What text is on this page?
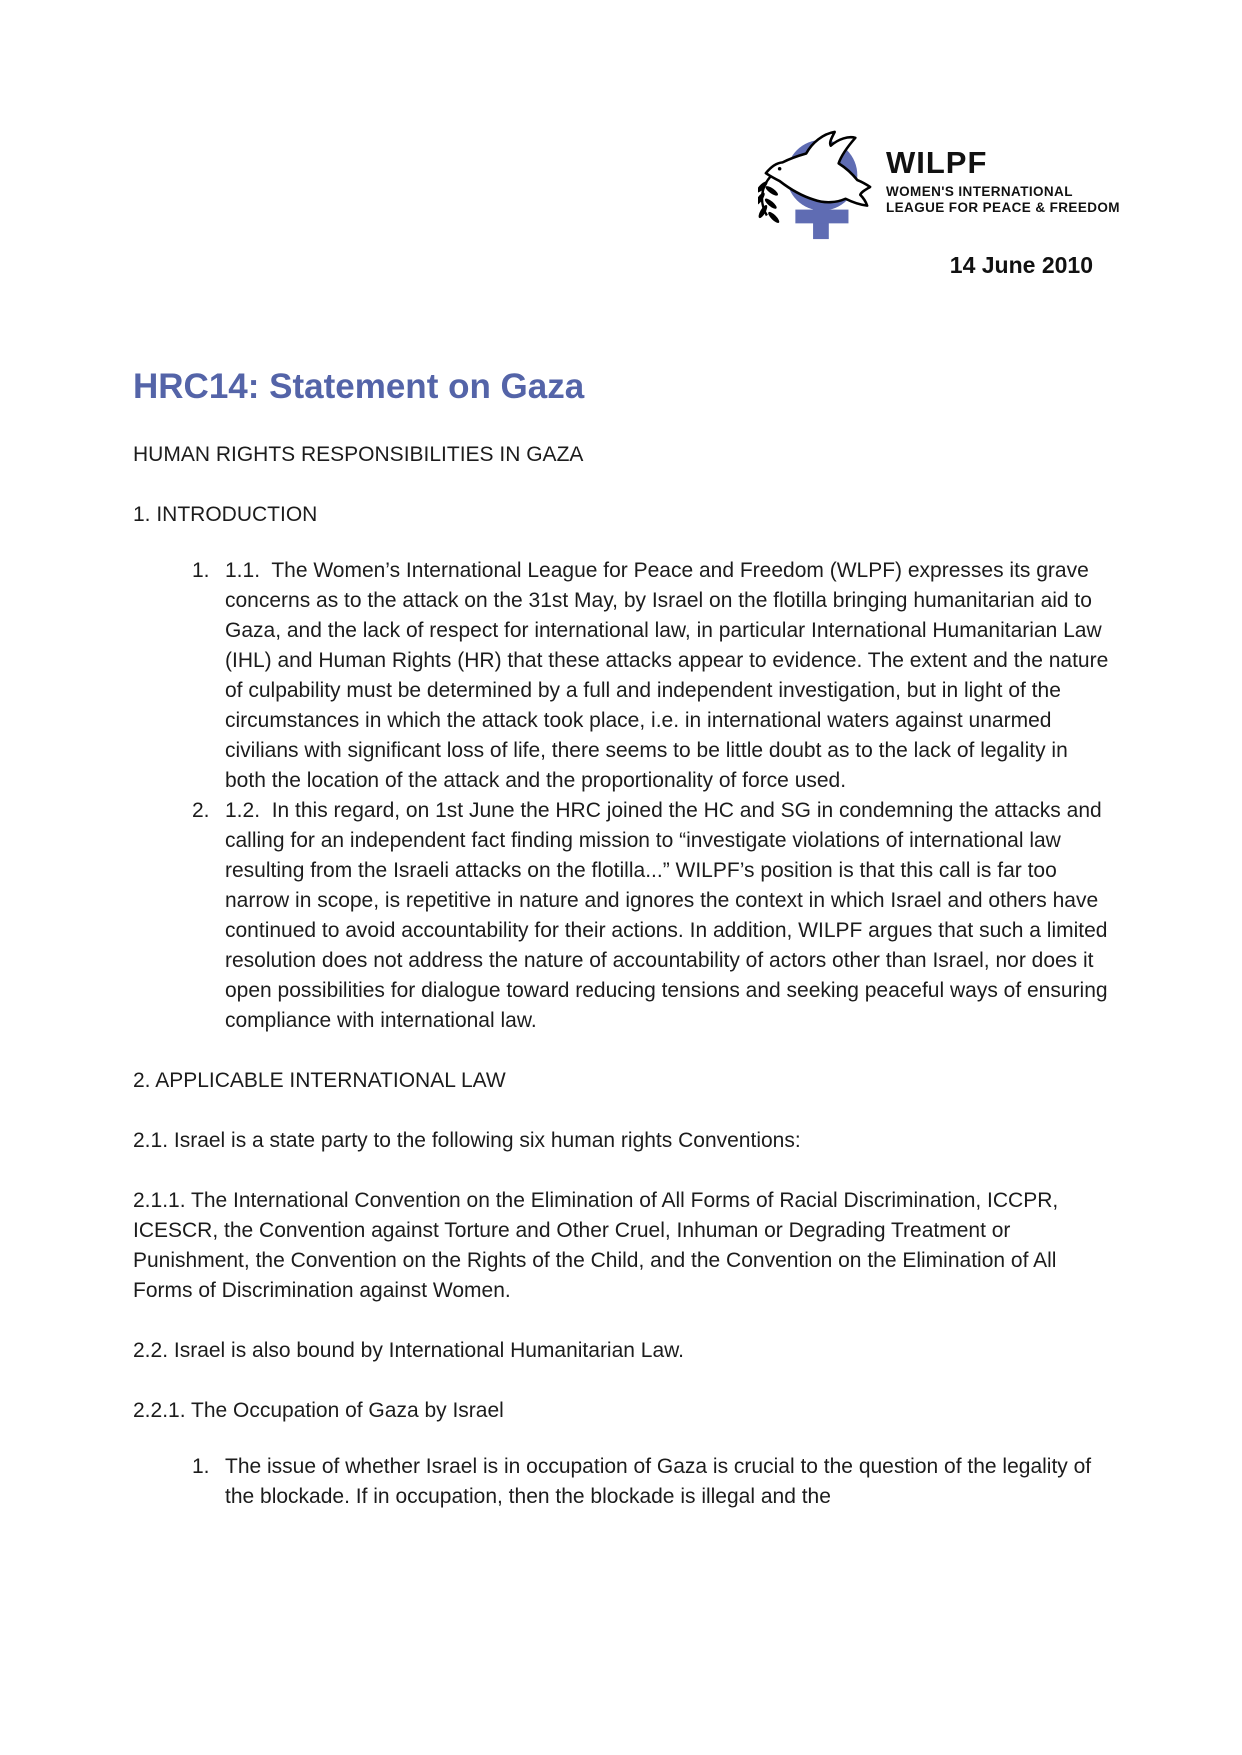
WILPF
WOMEN'S INTERNATIONAL
LEAGUE FOR PEACE & FREEDOM
14 June 2010
HRC14: Statement on Gaza

HUMAN RIGHTS RESPONSIBILITIES IN GAZA

1. INTRODUCTION

1. 1.1.  The Women’s International League for Peace and Freedom (WLPF) expresses its grave concerns as to the attack on the 31st May, by Israel on the flotilla bringing humanitarian aid to Gaza, and the lack of respect for international law, in particular International Humanitarian Law (IHL) and Human Rights (HR) that these attacks appear to evidence. The extent and the nature of culpability must be determined by a full and independent investigation, but in light of the circumstances in which the attack took place, i.e. in international waters against unarmed civilians with significant loss of life, there seems to be little doubt as to the lack of legality in both the location of the attack and the proportionality of force used.
2. 1.2.  In this regard, on 1st June the HRC joined the HC and SG in condemning the attacks and calling for an independent fact finding mission to “investigate violations of international law resulting from the Israeli attacks on the flotilla...” WILPF’s position is that this call is far too narrow in scope, is repetitive in nature and ignores the context in which Israel and others have continued to avoid accountability for their actions. In addition, WILPF argues that such a limited resolution does not address the nature of accountability of actors other than Israel, nor does it open possibilities for dialogue toward reducing tensions and seeking peaceful ways of ensuring compliance with international law.

2. APPLICABLE INTERNATIONAL LAW

2.1. Israel is a state party to the following six human rights Conventions:

2.1.1. The International Convention on the Elimination of All Forms of Racial Discrimination, ICCPR, ICESCR, the Convention against Torture and Other Cruel, Inhuman or Degrading Treatment or Punishment, the Convention on the Rights of the Child, and the Convention on the Elimination of All Forms of Discrimination against Women.

2.2. Israel is also bound by International Humanitarian Law.

2.2.1. The Occupation of Gaza by Israel

1. The issue of whether Israel is in occupation of Gaza is crucial to the question of the legality of the blockade. If in occupation, then the blockade is illegal and the
